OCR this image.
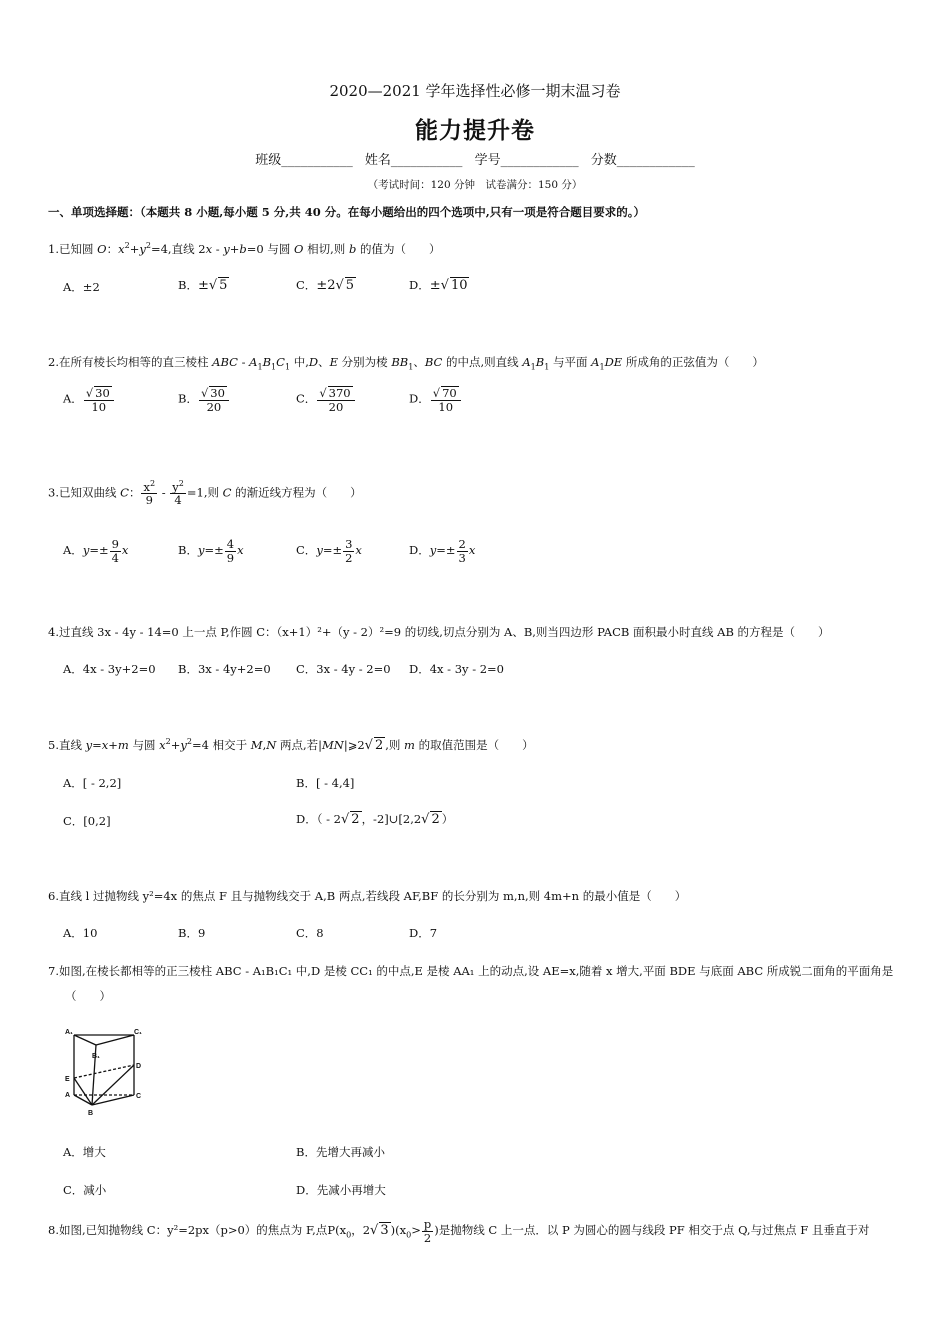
2020—2021 学年选择性必修一期末温习卷
能力提升卷
班级___________ 姓名___________ 学号____________ 分数____________
（考试时间：120 分钟　试卷满分：150 分）
一、单项选择题：（本题共 8 小题,每小题 5 分,共 40 分。在每小题给出的四个选项中,只有一项是符合题目要求的。）
1.已知圆 O：$x^2+y^2=4$,直线 2x - y+b=0 与圆 O 相切,则 b 的值为（　　）
A．±2	B．±√ 5	C．±2√ 5	D．±√ 10
2.在所有棱长均相等的直三棱柱 ABC - $A_1B_1C_1$ 中,D、E 分别为棱 $BB_1$、BC 的中点,则直线 $A_1B_1$ 与平面 $A_1DE$ 所成角的正弦值为（　　）
A． $\frac{√ 30}{10}$	B． $\frac{√ 30}{20}$	C． $\frac{√ 370}{20}$	D． $\frac{√ 70}{10}$
3.已知双曲线 C： $\frac{x^2}{9} - \frac{y^2}{4} =1$,则 C 的渐近线方程为（　　）
A．$y=\pm \frac{9}{4}$ x	B．$y=\pm \frac{4}{9}$ x	C．$y=\pm \frac{3}{2}$ x	D．$y=\pm \frac{2}{3}$ x
4.过直线 3x - 4y - 14=0 上一点 P,作圆 C：（x+1）²+（y - 2）²=9 的切线,切点分别为 A、B,则当四边形 PACB 面积最小时直线 AB 的方程是（　　）
A．4x - 3y+2=0 B．3x - 4y+2=0 C．3x - 4y - 2=0 D．4x - 3y - 2=0
5.直线 y=x+m 与圆 $x^2+y^2=4$ 相交于 M,N 两点,若|MN|⩾2√ 2 ,则 m 的取值范围是（　　）
A．[ - 2,2]	B．[ - 4,4]
C．[0,2]	D．（ - 2√ 2 ，-2]∪[2,2√ 2 ）
6.直线 l 过抛物线 y²=4x 的焦点 F 且与抛物线交于 A,B 两点,若线段 AF,BF 的长分别为 m,n,则 4m+n 的最小值是（　　）
A．10	B．9	C．8	D．7
7.如图,在棱长都相等的正三棱柱 ABC - A₁B₁C₁ 中,D 是棱 CC₁ 的中点,E 是棱 AA₁ 上的动点,设 AE=x,随着 x 增大,平面 BDE 与底面 ABC 所成锐二面角的平面角是
（　　）
A₁	C₁
B₁
D
E
A	C
B
A．增大	B．先增大再减小
C．减小	D．先减小再增大
8.如图,已知抛物线 C：y²=2px（p>0）的焦点为 F,点$P(x_0$，2√ 3 )($x_0> \frac{p}{2}$ )是抛物线 C 上一点．以 P 为圆心的圆与线段 PF 相交于点 Q,与过焦点 F 且垂直于对
